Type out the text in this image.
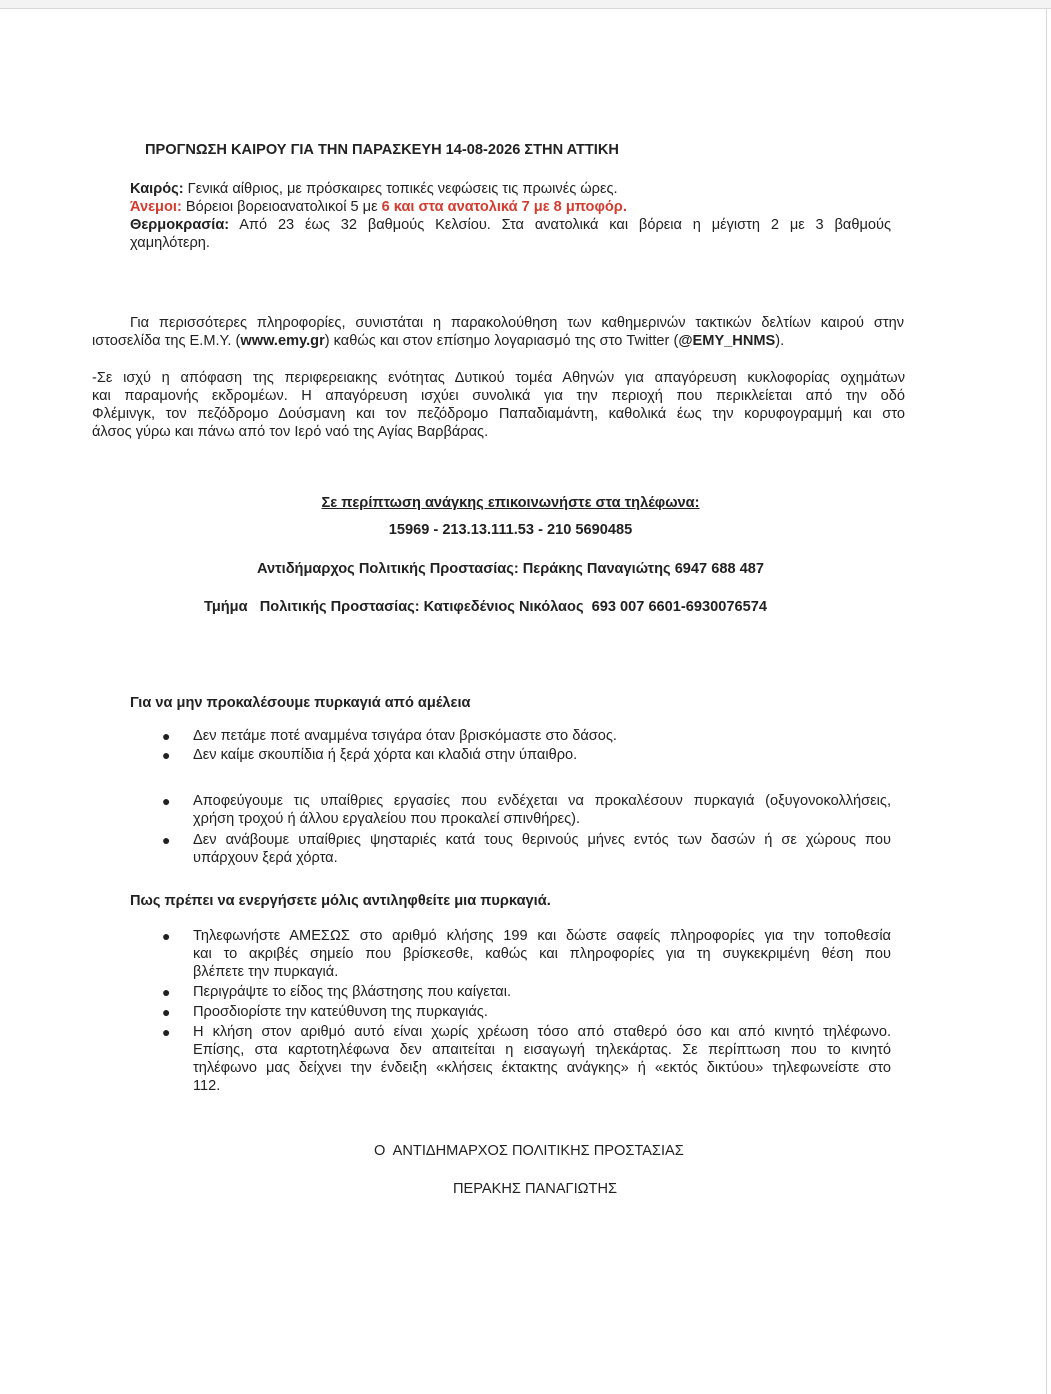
ΠΡΟΓΝΩΣΗ ΚΑΙΡΟΥ ΓΙΑ ΤΗΝ ΠΑΡΑΣΚΕΥΗ 14-08-2026 ΣΤΗΝ ΑΤΤΙΚΗ
Καιρός: Γενικά αίθριος, με πρόσκαιρες τοπικές νεφώσεις τις πρωινές ώρες.
Άνεμοι: Βόρειοι βορειοανατολικοί 5 με 6 και στα ανατολικά 7 με 8 μποφόρ.
Θερμοκρασία: Από 23 έως 32 βαθμούς Κελσίου. Στα ανατολικά και βόρεια η μέγιστη 2 με 3 βαθμούς
χαμηλότερη.
Για περισσότερες πληροφορίες, συνιστάται η παρακολούθηση των καθημερινών τακτικών δελτίων καιρού στην
ιστοσελίδα της Ε.Μ.Υ. (www.emy.gr) καθώς και στον επίσημο λογαριασμό της στο Twitter (@EMY_HNMS).
-Σε ισχύ η απόφαση της περιφερειακης ενότητας Δυτικού τομέα Αθηνών για απαγόρευση κυκλοφορίας οχημάτων
και παραμονής εκδρομέων. Η απαγόρευση ισχύει συνολικά για την περιοχή που περικλείεται από την οδό
Φλέμινγκ, τον πεζόδρομο Δούσμανη και τον πεζόδρομο Παπαδιαμάντη, καθολικά έως την κορυφογραμμή και στο
άλσος γύρω και πάνω από τον Ιερό ναό της Αγίας Βαρβάρας.
Σε περίπτωση ανάγκης επικοινωνήστε στα τηλέφωνα:
15969 - 213.13.111.53 - 210 5690485
Αντιδήμαρχος Πολιτικής Προστασίας: Περάκης Παναγιώτης 6947 688 487
Τμήμα   Πολιτικής Προστασίας: Κατιφεδένιος Νικόλαος  693 007 6601-6930076574
Για να μην προκαλέσουμε πυρκαγιά από αμέλεια
● Δεν πετάμε ποτέ αναμμένα τσιγάρα όταν βρισκόμαστε στο δάσος.
● Δεν καίμε σκουπίδια ή ξερά χόρτα και κλαδιά στην ύπαιθρο.
● Αποφεύγουμε τις υπαίθριες εργασίες που ενδέχεται να προκαλέσουν πυρκαγιά (οξυγονοκολλήσεις,
χρήση τροχού ή άλλου εργαλείου που προκαλεί σπινθήρες).
● Δεν ανάβουμε υπαίθριες ψησταριές κατά τους θερινούς μήνες εντός των δασών ή σε χώρους που
υπάρχουν ξερά χόρτα.
Πως πρέπει να ενεργήσετε μόλις αντιληφθείτε μια πυρκαγιά.
● Τηλεφωνήστε ΑΜΕΣΩΣ στο αριθμό κλήσης 199 και δώστε σαφείς πληροφορίες για την τοποθεσία
και το ακριβές σημείο που βρίσκεσθε, καθώς και πληροφορίες για τη συγκεκριμένη θέση που
βλέπετε την πυρκαγιά.
● Περιγράψτε το είδος της βλάστησης που καίγεται.
● Προσδιορίστε την κατεύθυνση της πυρκαγιάς.
● Η κλήση στον αριθμό αυτό είναι χωρίς χρέωση τόσο από σταθερό όσο και από κινητό τηλέφωνο.
Επίσης, στα καρτοτηλέφωνα δεν απαιτείται η εισαγωγή τηλεκάρτας. Σε περίπτωση που το κινητό
τηλέφωνο μας δείχνει την ένδειξη «κλήσεις έκτακτης ανάγκης» ή «εκτός δικτύου» τηλεφωνείστε στο
112.
Ο  ΑΝΤΙΔΗΜΑΡΧΟΣ ΠΟΛΙΤΙΚΗΣ ΠΡΟΣΤΑΣΙΑΣ
ΠΕΡΑΚΗΣ ΠΑΝΑΓΙΩΤΗΣ
